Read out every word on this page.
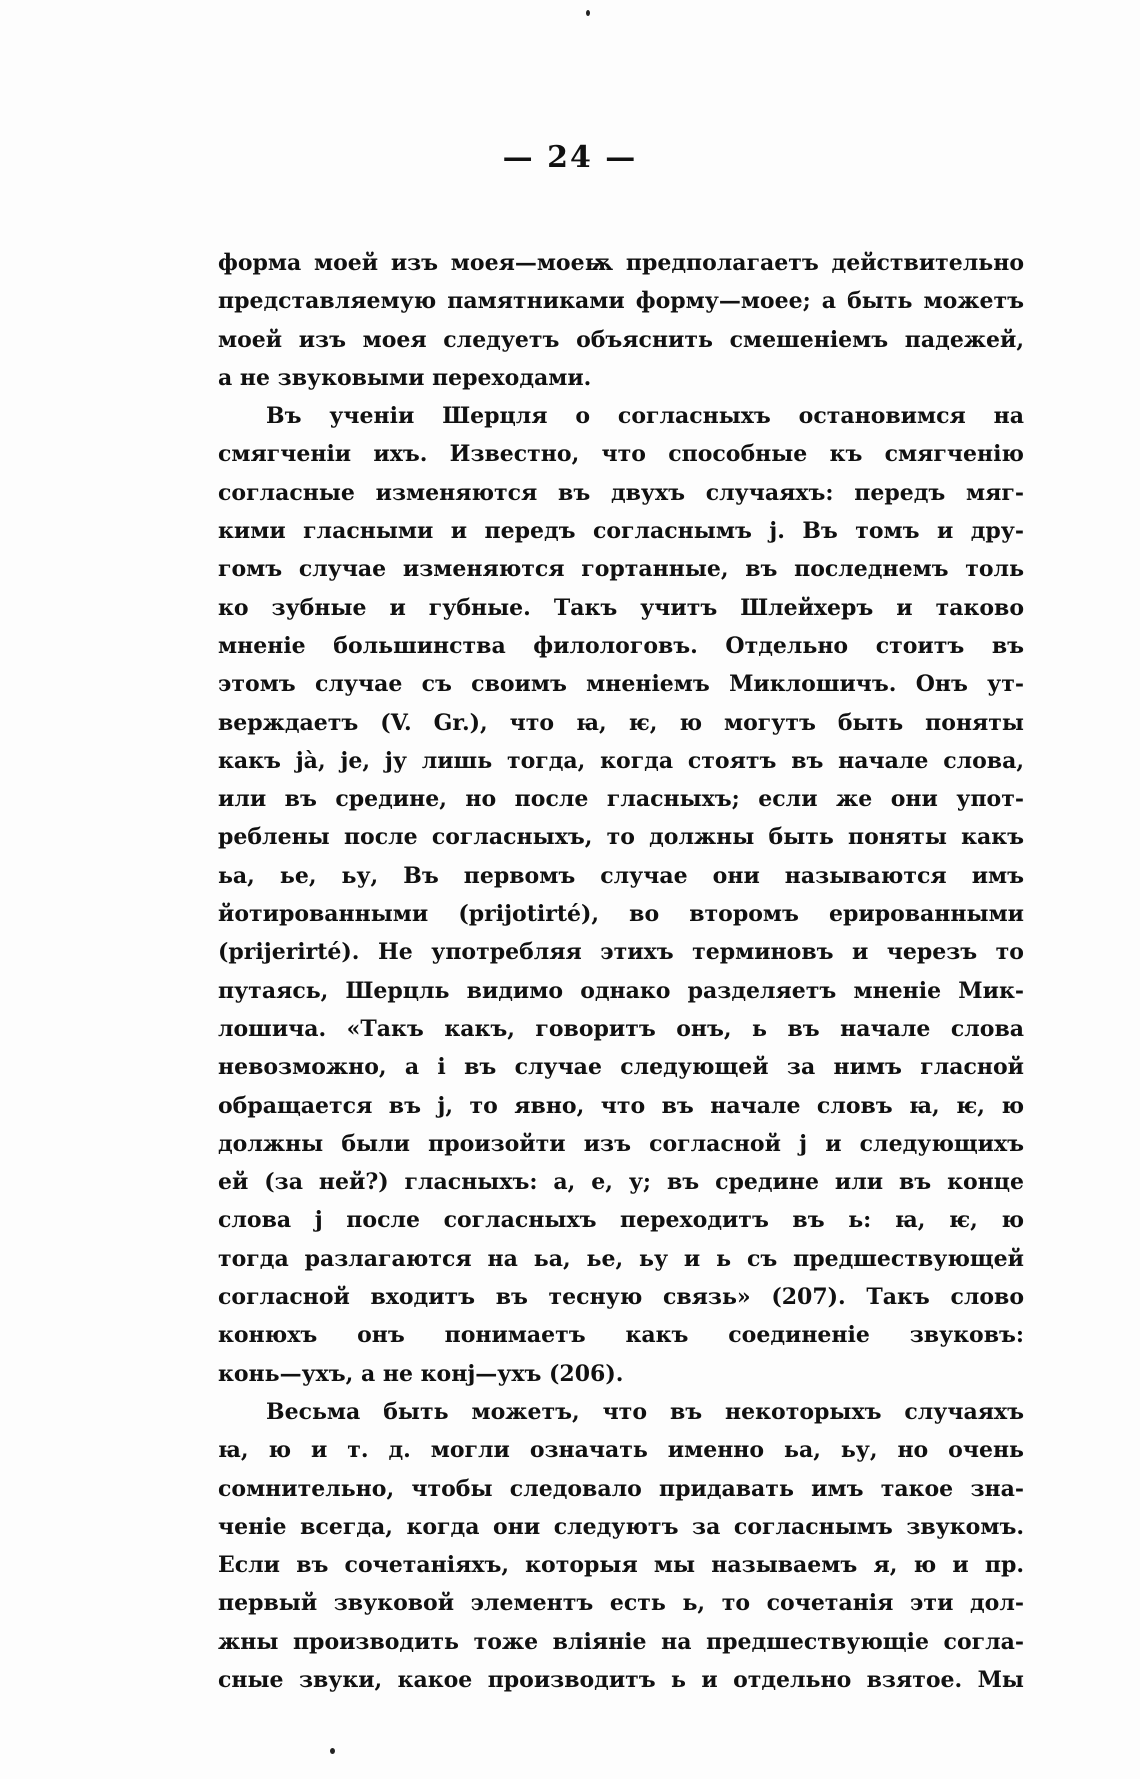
— 24 —
форма моей изъ моея—моеѭ предполагаетъ действительно
представляемую памятниками форму—моее; а быть можетъ
моей изъ моея следуетъ объяснить смешеніемъ падежей,
а не звуковыми переходами.
Въ ученіи Шерцля о согласныхъ остановимся на
смягченіи ихъ. Известно, что способные къ смягченію
согласные изменяются въ двухъ случаяхъ: передъ мяг-
кими гласными и передъ согласнымъ j. Въ томъ и дру-
гомъ случае изменяются гортанные, въ последнемъ толь
ко зубные и губные. Такъ учитъ Шлейхеръ и таково
мненіе большинства филологовъ. Отдельно стоитъ въ
этомъ случае съ своимъ мненіемъ Миклошичъ. Онъ ут-
верждаетъ (V. Gr.), что ꙗ, ѥ, ю могутъ быть поняты
какъ jà, je, jу лишь тогда, когда стоятъ въ начале слова,
или въ средине, но после гласныхъ; если же они упот-
реблены после согласныхъ, то должны быть поняты какъ
ьа, ье, ьу, Въ первомъ случае они называются имъ
йотированными (prijotirté), во второмъ ерированными
(prijerirté). Не употребляя этихъ терминовъ и черезъ то
путаясь, Шерцль видимо однако разделяетъ мненіе Мик-
лошича. «Такъ какъ, говоритъ онъ, ь въ начале слова
невозможно, а і въ случае следующей за нимъ гласной
обращается въ j, то явно, что въ начале словъ ꙗ, ѥ, ю
должны были произойти изъ согласной j и следующихъ
ей (за ней?) гласныхъ: а, е, у; въ средине или въ конце
слова j после согласныхъ переходитъ въ ь: ꙗ, ѥ, ю
тогда разлагаются на ьа, ье, ьу и ь съ предшествующей
согласной входитъ въ тесную связь» (207). Такъ слово
конюхъ онъ понимаетъ какъ соединеніе звуковъ:
конь—ухъ, а не конj—ухъ (206).
Весьма быть можетъ, что въ некоторыхъ случаяхъ
ꙗ, ю и т. д. могли означать именно ьа, ьу, но очень
сомнительно, чтобы следовало придавать имъ такое зна-
ченіе всегда, когда они следуютъ за согласнымъ звукомъ.
Если въ сочетаніяхъ, которыя мы называемъ я, ю и пр.
первый звуковой элементъ есть ь, то сочетанія эти дол-
жны производить тоже вліяніе на предшествующіе согла-
сные звуки, какое производитъ ь и отдельно взятое. Мы
